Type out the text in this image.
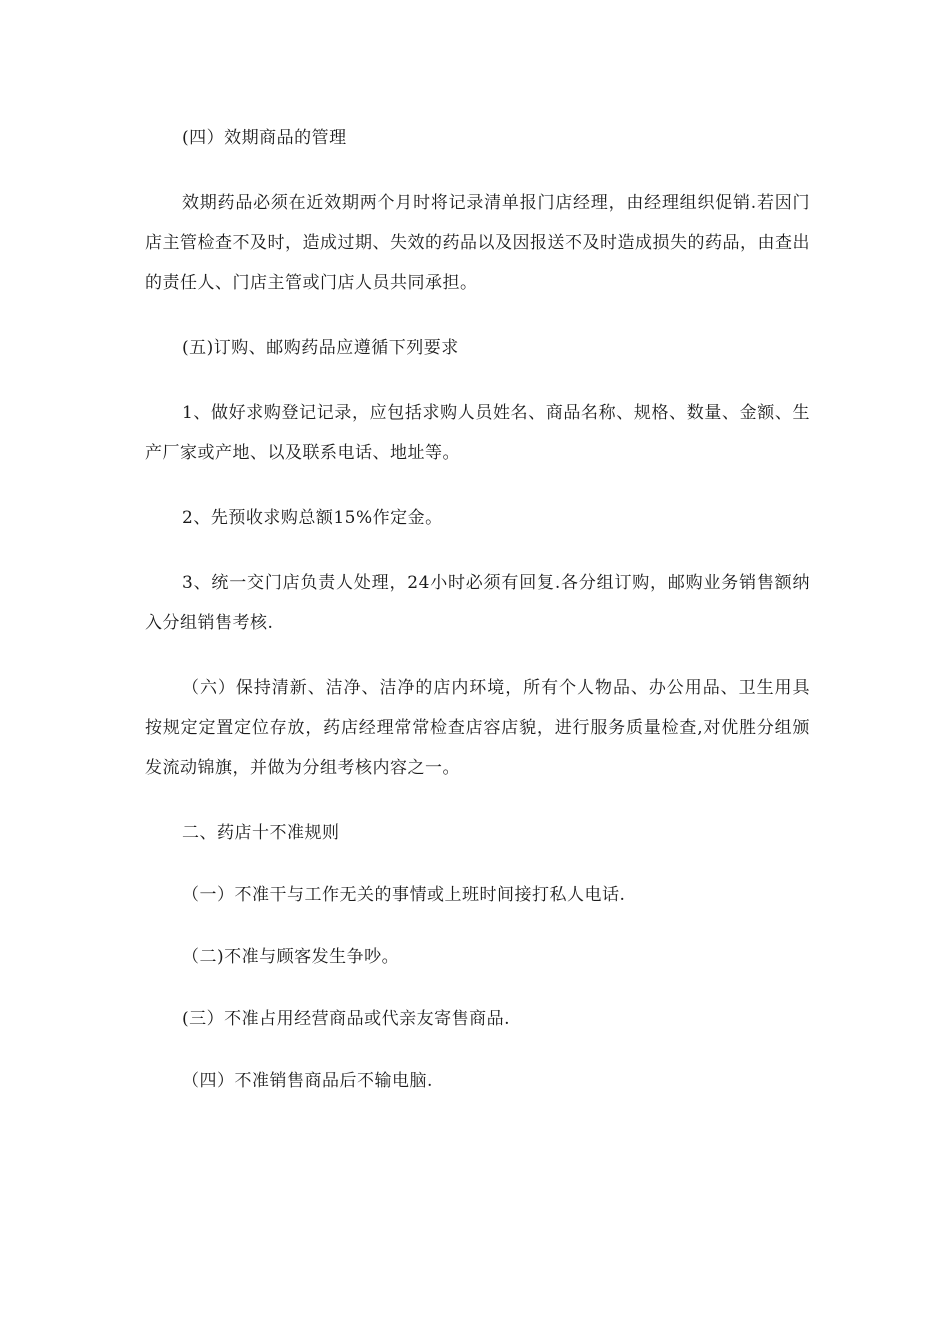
(四）效期商品的管理

效期药品必须在近效期两个月时将记录清单报门店经理，由经理组织促销.若因门店主管检查不及时，造成过期、失效的药品以及因报送不及时造成损失的药品，由查出的责任人、门店主管或门店人员共同承担。

(五)订购、邮购药品应遵循下列要求

1、做好求购登记记录，应包括求购人员姓名、商品名称、规格、数量、金额、生产厂家或产地、以及联系电话、地址等。

2、先预收求购总额15%作定金。

3、统一交门店负责人处理，24小时必须有回复.各分组订购，邮购业务销售额纳入分组销售考核.

（六）保持清新、洁净、洁净的店内环境，所有个人物品、办公用品、卫生用具按规定定置定位存放，药店经理常常检查店容店貌，进行服务质量检查,对优胜分组颁发流动锦旗，并做为分组考核内容之一。

二、药店十不准规则

（一）不准干与工作无关的事情或上班时间接打私人电话.

（二)不准与顾客发生争吵。

(三）不准占用经营商品或代亲友寄售商品.

（四）不准销售商品后不输电脑.
